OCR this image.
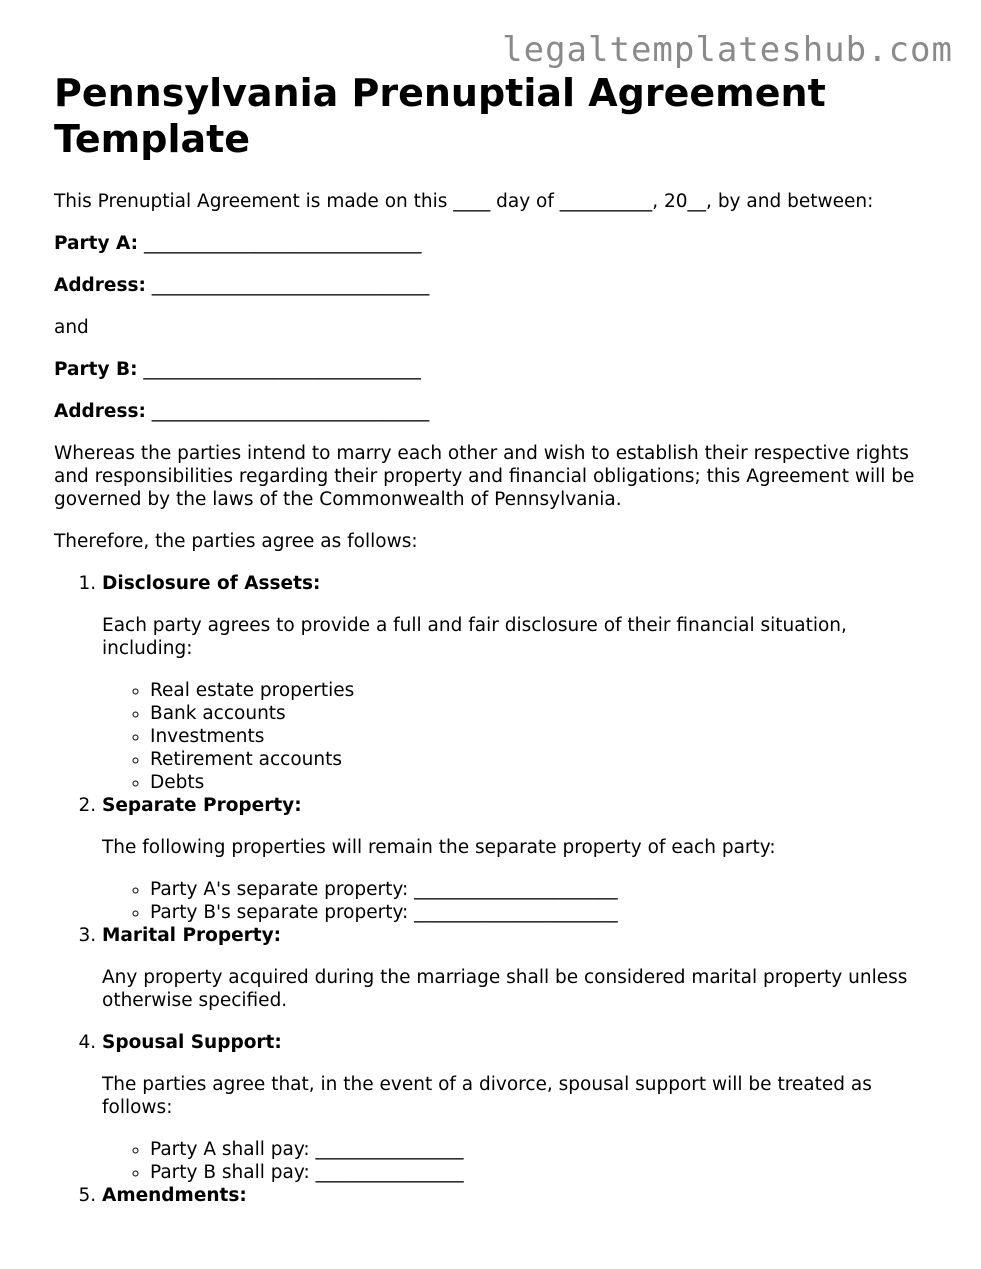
legaltemplateshub.com
Pennsylvania Prenuptial Agreement Template

This Prenuptial Agreement is made on this ____ day of __________, 20__, by and between:

Party A: ______________________________

Address: ______________________________

and

Party B: ______________________________

Address: ______________________________

Whereas the parties intend to marry each other and wish to establish their respective rights and responsibilities regarding their property and financial obligations; this Agreement will be governed by the laws of the Commonwealth of Pennsylvania.

Therefore, the parties agree as follows:

1. Disclosure of Assets:

Each party agrees to provide a full and fair disclosure of their financial situation, including:

◦ Real estate properties
◦ Bank accounts
◦ Investments
◦ Retirement accounts
◦ Debts
2. Separate Property:

The following properties will remain the separate property of each party:

◦ Party A's separate property: ______________________
◦ Party B's separate property: ______________________
3. Marital Property:

Any property acquired during the marriage shall be considered marital property unless otherwise specified.

4. Spousal Support:

The parties agree that, in the event of a divorce, spousal support will be treated as follows:

◦ Party A shall pay: ________________
◦ Party B shall pay: ________________
5. Amendments:
